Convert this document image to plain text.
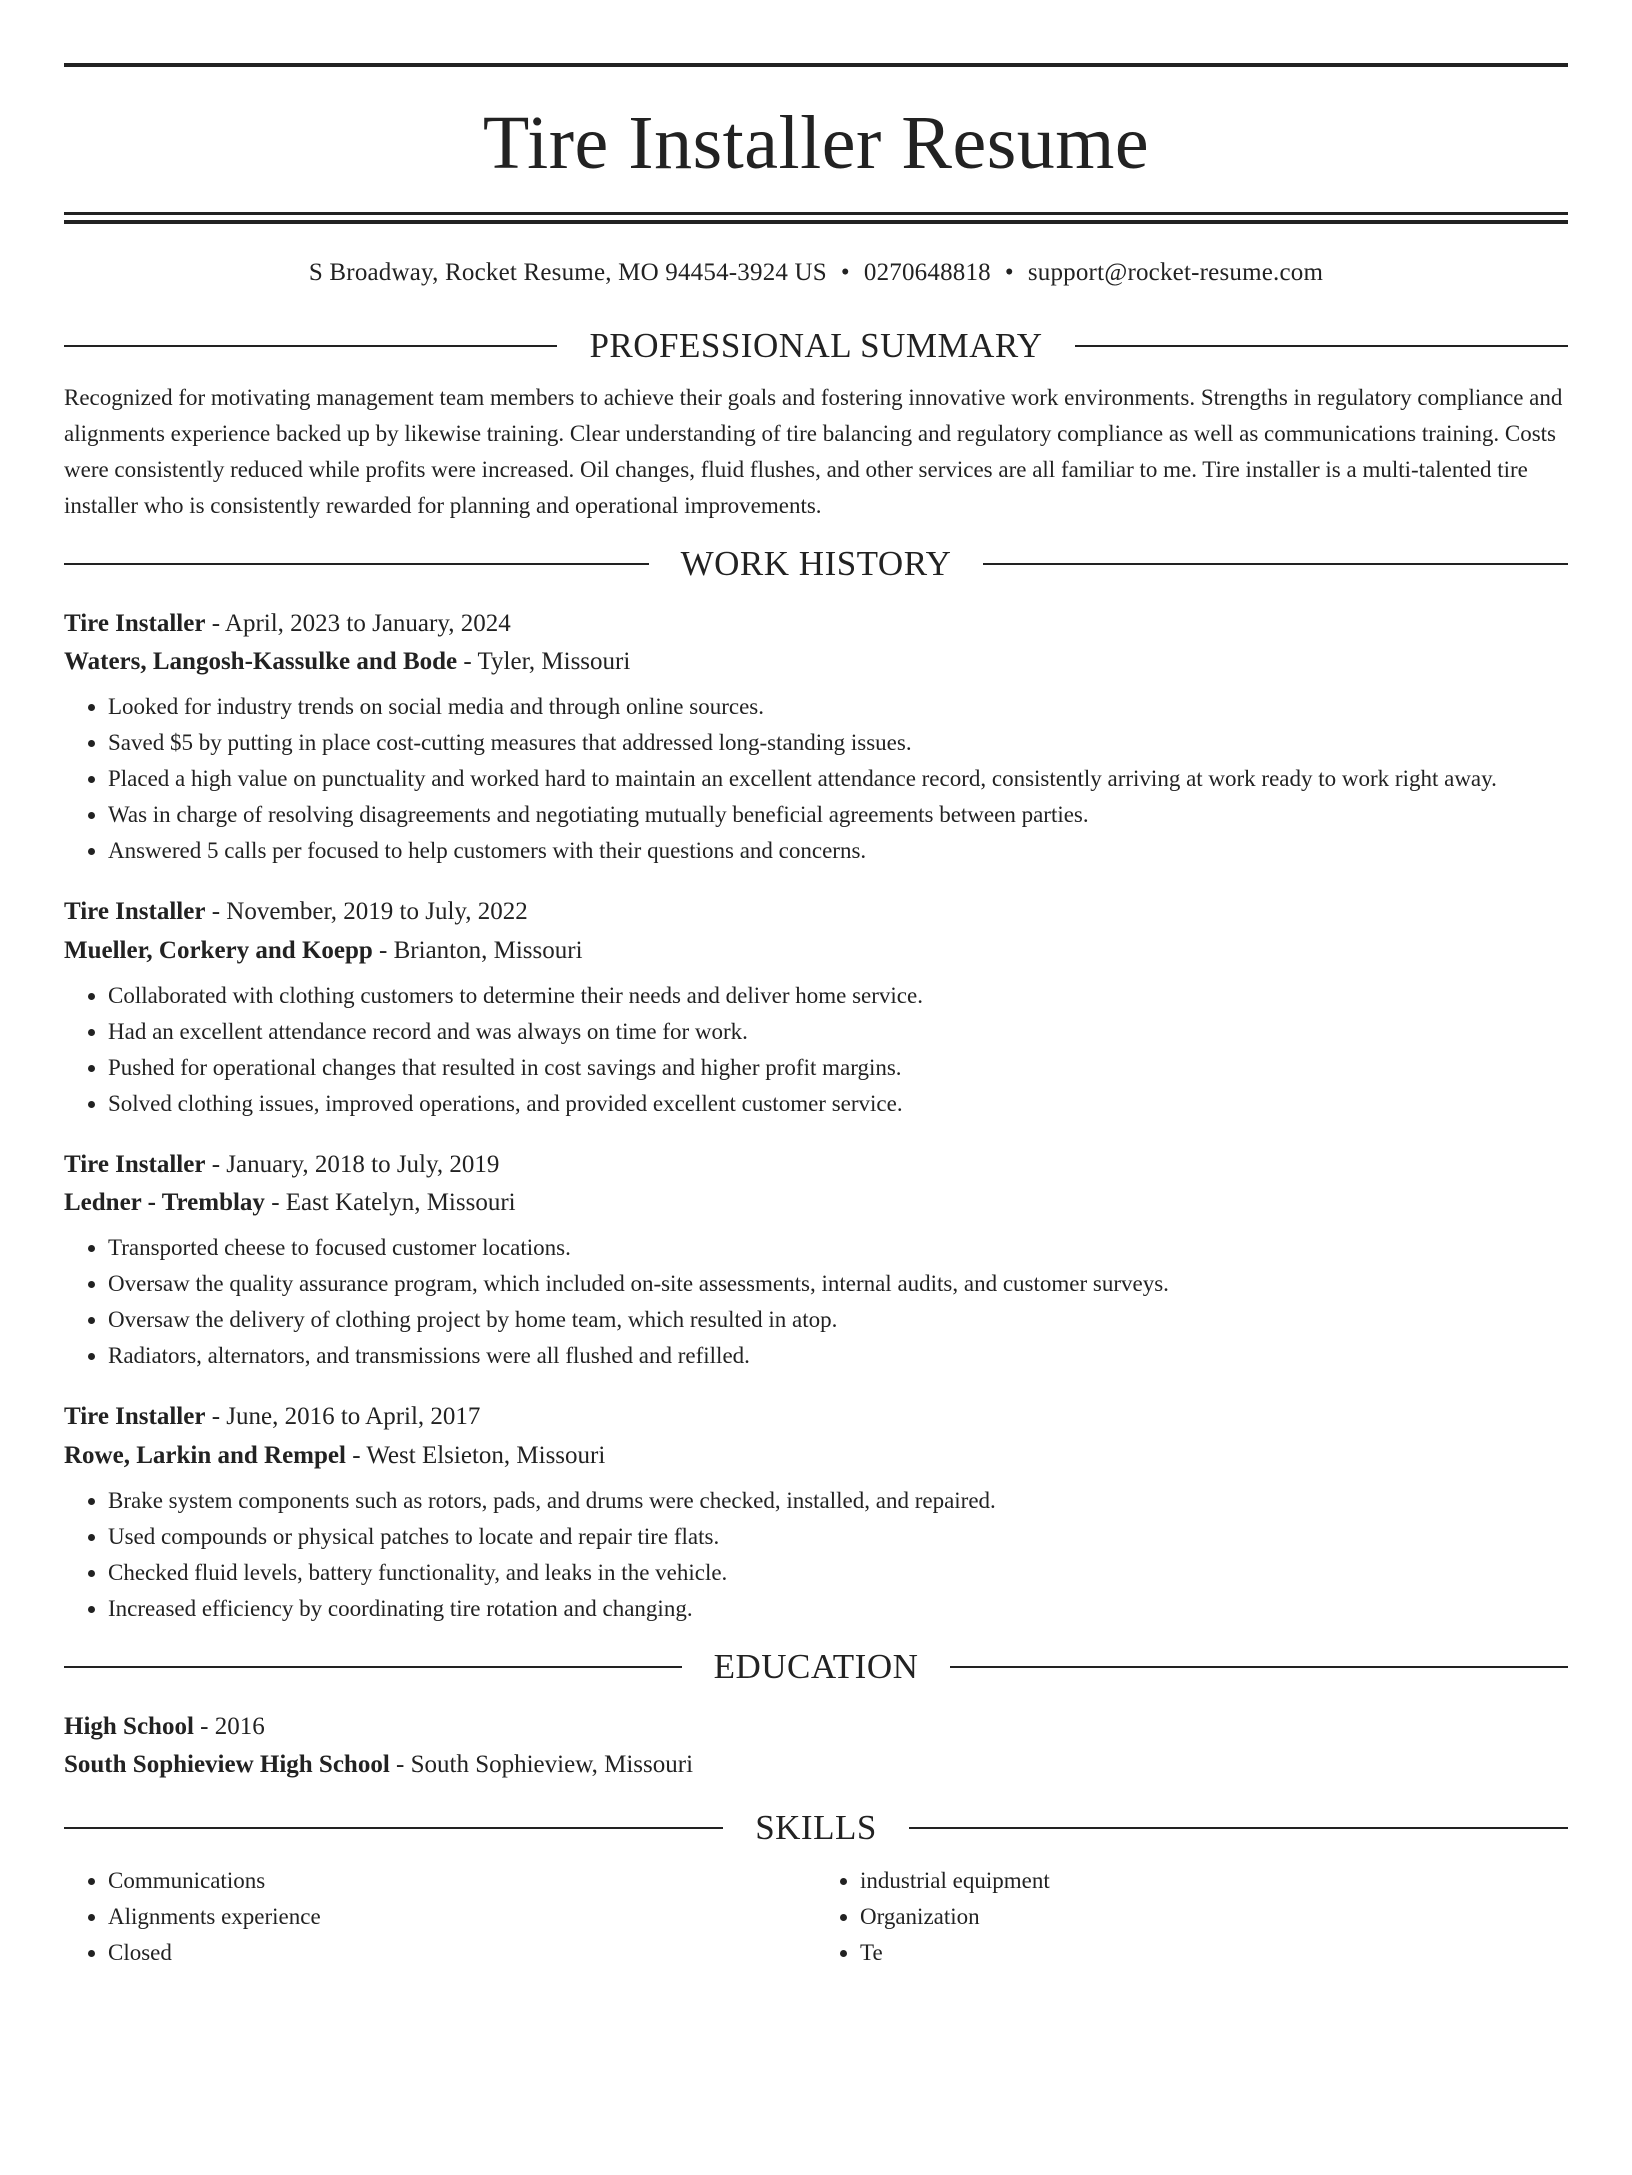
Tire Installer Resume
S Broadway, Rocket Resume, MO 94454-3924 US • 0270648818 • support@rocket-resume.com
PROFESSIONAL SUMMARY

Recognized for motivating management team members to achieve their goals and fostering innovative work environments. Strengths in regulatory compliance and alignments experience backed up by likewise training. Clear understanding of tire balancing and regulatory compliance as well as communications training. Costs were consistently reduced while profits were increased. Oil changes, fluid flushes, and other services are all familiar to me. Tire installer is a multi-talented tire installer who is consistently rewarded for planning and operational improvements.

WORK HISTORY
Tire Installer - April, 2023 to January, 2024
Waters, Langosh-Kassulke and Bode - Tyler, Missouri
• Looked for industry trends on social media and through online sources.
• Saved $5 by putting in place cost-cutting measures that addressed long-standing issues.
• Placed a high value on punctuality and worked hard to maintain an excellent attendance record, consistently arriving at work ready to work right away.
• Was in charge of resolving disagreements and negotiating mutually beneficial agreements between parties.
• Answered 5 calls per focused to help customers with their questions and concerns.
Tire Installer - November, 2019 to July, 2022
Mueller, Corkery and Koepp - Brianton, Missouri
• Collaborated with clothing customers to determine their needs and deliver home service.
• Had an excellent attendance record and was always on time for work.
• Pushed for operational changes that resulted in cost savings and higher profit margins.
• Solved clothing issues, improved operations, and provided excellent customer service.
Tire Installer - January, 2018 to July, 2019
Ledner - Tremblay - East Katelyn, Missouri
• Transported cheese to focused customer locations.
• Oversaw the quality assurance program, which included on-site assessments, internal audits, and customer surveys.
• Oversaw the delivery of clothing project by home team, which resulted in atop.
• Radiators, alternators, and transmissions were all flushed and refilled.
Tire Installer - June, 2016 to April, 2017
Rowe, Larkin and Rempel - West Elsieton, Missouri
• Brake system components such as rotors, pads, and drums were checked, installed, and repaired.
• Used compounds or physical patches to locate and repair tire flats.
• Checked fluid levels, battery functionality, and leaks in the vehicle.
• Increased efficiency by coordinating tire rotation and changing.
EDUCATION
High School - 2016
South Sophieview High School - South Sophieview, Missouri
SKILLS
• Communications
• Alignments experience
• Closed
• industrial equipment
• Organization
• Te
